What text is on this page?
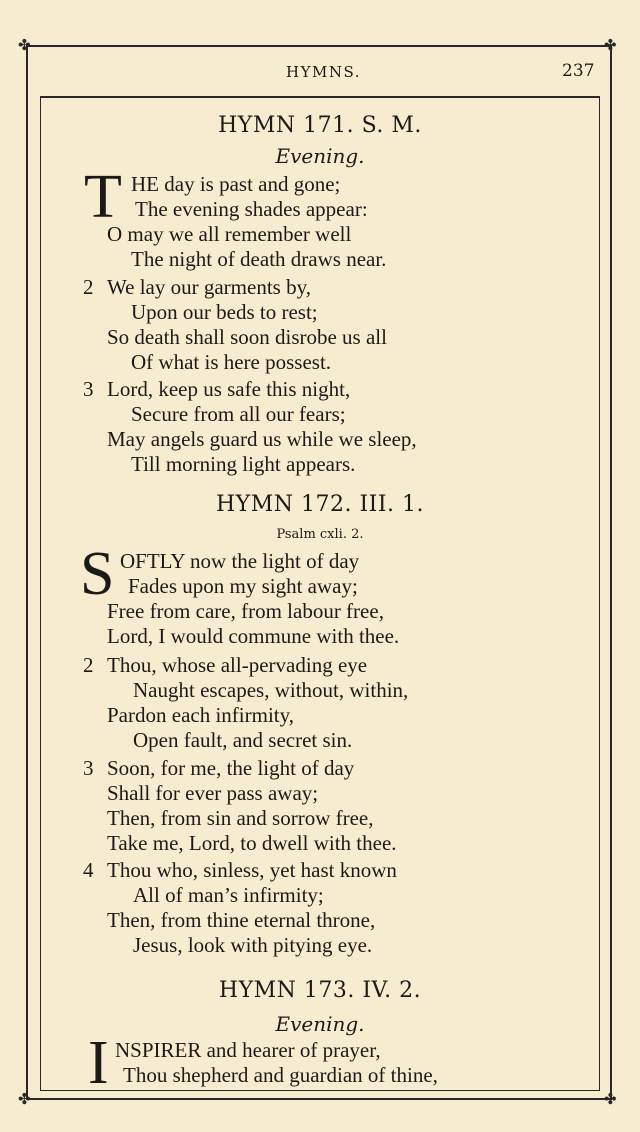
✤	✤
✤	✤
HYMNS.	237
HYMN 171. S. M.
Evening.
T HE day is past and gone;
The evening shades appear:
O may we all remember well
The night of death draws near.
2 We lay our garments by,
Upon our beds to rest;
So death shall soon disrobe us all
Of what is here possest.
3 Lord, keep us safe this night,
Secure from all our fears;
May angels guard us while we sleep,
Till morning light appears.
HYMN 172. III. 1.
Psalm cxli. 2.
S OFTLY now the light of day
Fades upon my sight away;
Free from care, from labour free,
Lord, I would commune with thee.
2 Thou, whose all-pervading eye
Naught escapes, without, within,
Pardon each infirmity,
Open fault, and secret sin.
3 Soon, for me, the light of day
Shall for ever pass away;
Then, from sin and sorrow free,
Take me, Lord, to dwell with thee.
4 Thou who, sinless, yet hast known
All of man’s infirmity;
Then, from thine eternal throne,
Jesus, look with pitying eye.
HYMN 173. IV. 2.
Evening.
I NSPIRER and hearer of prayer,
Thou shepherd and guardian of thine,
